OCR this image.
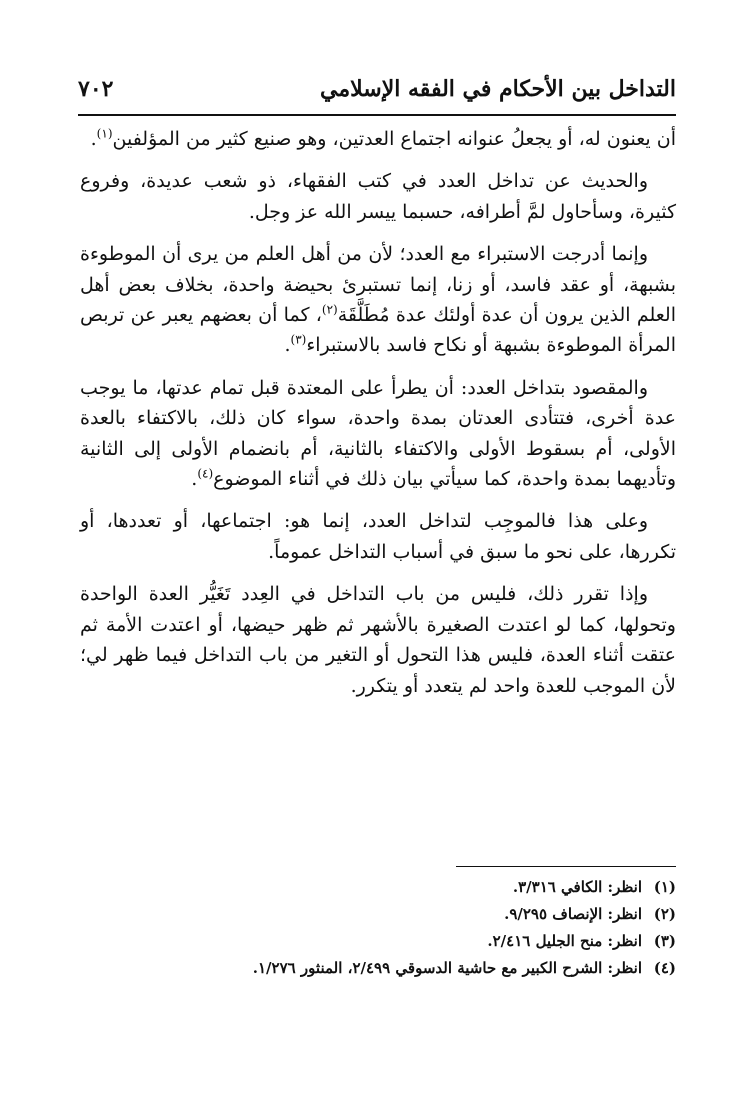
التداخل بين الأحكام في الفقه الإسلامي
٧٠٢

أن يعنون له، أو يجعلُ عنوانه اجتماع العدتين، وهو صنيع كثير من المؤلفين$^{(١)}$.

والحديث عن تداخل العدد في كتب الفقهاء، ذو شعب عديدة، وفروع كثيرة، وسأحاول لمَّ أطرافه، حسبما ييسر الله عز وجل.

وإنما أدرجت الاستبراء مع العدد؛ لأن من أهل العلم من يرى أن الموطوءة بشبهة، أو عقد فاسد، أو زنا، إنما تستبرئ بحيضة واحدة، بخلاف بعض أهل العلم الذين يرون أن عدة أولئك عدة مُطَلَّقَة$^{(٢)}$، كما أن بعضهم يعبر عن تربص المرأة الموطوءة بشبهة أو نكاح فاسد بالاستبراء$^{(٣)}$.

والمقصود بتداخل العدد: أن يطرأ على المعتدة قبل تمام عدتها، ما يوجب عدة أخرى، فتتأدى العدتان بمدة واحدة، سواء كان ذلك، بالاكتفاء بالعدة الأولى، أم بسقوط الأولى والاكتفاء بالثانية، أم بانضمام الأولى إلى الثانية وتأديهما بمدة واحدة، كما سيأتي بيان ذلك في أثناء الموضوع$^{(٤)}$.

وعلى هذا فالموجِب لتداخل العدد، إنما هو: اجتماعها، أو تعددها، أو تكررها، على نحو ما سبق في أسباب التداخل عموماً.

وإذا تقرر ذلك، فليس من باب التداخل في العِدد تَغَيُّر العدة الواحدة وتحولها، كما لو اعتدت الصغيرة بالأشهر ثم ظهر حيضها، أو اعتدت الأمة ثم عتقت أثناء العدة، فليس هذا التحول أو التغير من باب التداخل فيما ظهر لي؛ لأن الموجب للعدة واحد لم يتعدد أو يتكرر.

(١)انظر: الكافي ٣/٣١٦.
(٢)انظر: الإنصاف ٩/٢٩٥.
(٣)انظر: منح الجليل ٢/٤١٦.
(٤)انظر: الشرح الكبير مع حاشية الدسوقي ٢/٤٩٩، المنثور ١/٢٧٦.
